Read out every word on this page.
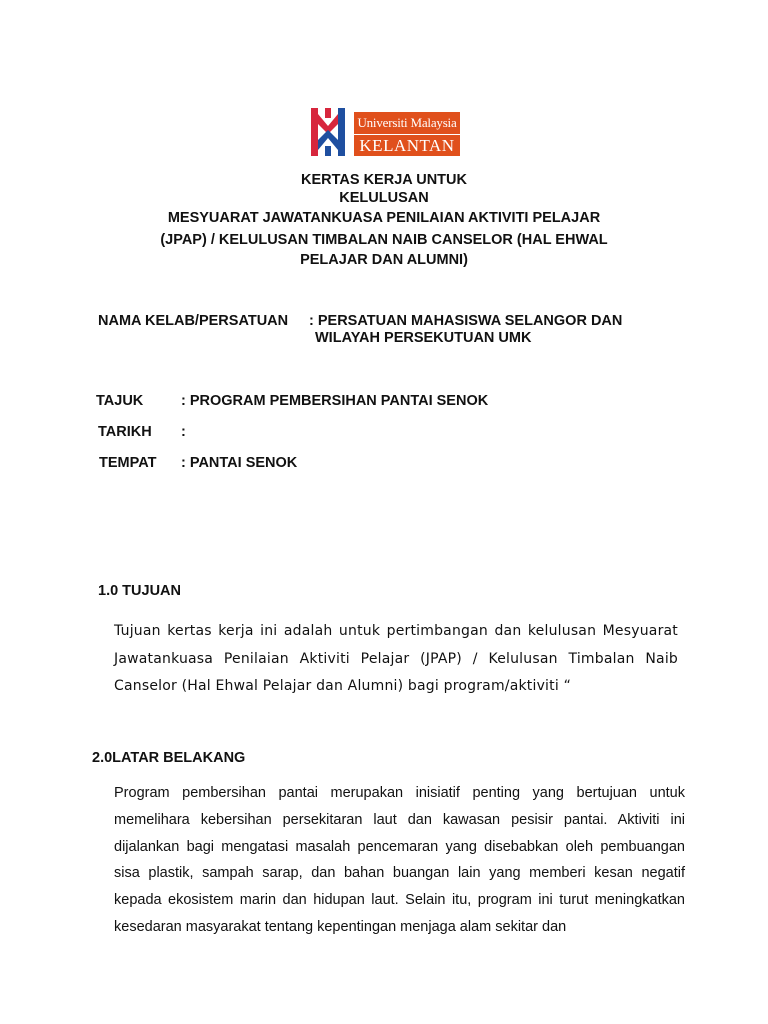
Universiti Malaysia
KELANTAN
KERTAS KERJA UNTUK
KELULUSAN
MESYUARAT JAWATANKUASA PENILAIAN AKTIVITI PELAJAR
(JPAP) / KELULUSAN TIMBALAN NAIB CANSELOR (HAL EHWAL
PELAJAR DAN ALUMNI)
NAMA KELAB/PERSATUAN : PERSATUAN MAHASISWA SELANGOR DAN
WILAYAH PERSEKUTUAN UMK
TAJUK	: PROGRAM PEMBERSIHAN PANTAI SENOK
TARIKH :
TEMPAT : PANTAI SENOK
1.0 TUJUAN
Tujuan kertas kerja ini adalah untuk pertimbangan dan kelulusan Mesyuarat Jawatankuasa Penilaian Aktiviti Pelajar (JPAP) / Kelulusan Timbalan Naib Canselor (Hal Ehwal Pelajar dan Alumni) bagi program/aktiviti “
2.0LATAR BELAKANG
Program pembersihan pantai merupakan inisiatif penting yang bertujuan untuk memelihara kebersihan persekitaran laut dan kawasan pesisir pantai. Aktiviti ini dijalankan bagi mengatasi masalah pencemaran yang disebabkan oleh pembuangan sisa plastik, sampah sarap, dan bahan buangan lain yang memberi kesan negatif kepada ekosistem marin dan hidupan laut. Selain itu, program ini turut meningkatkan kesedaran masyarakat tentang kepentingan menjaga alam sekitar dan
